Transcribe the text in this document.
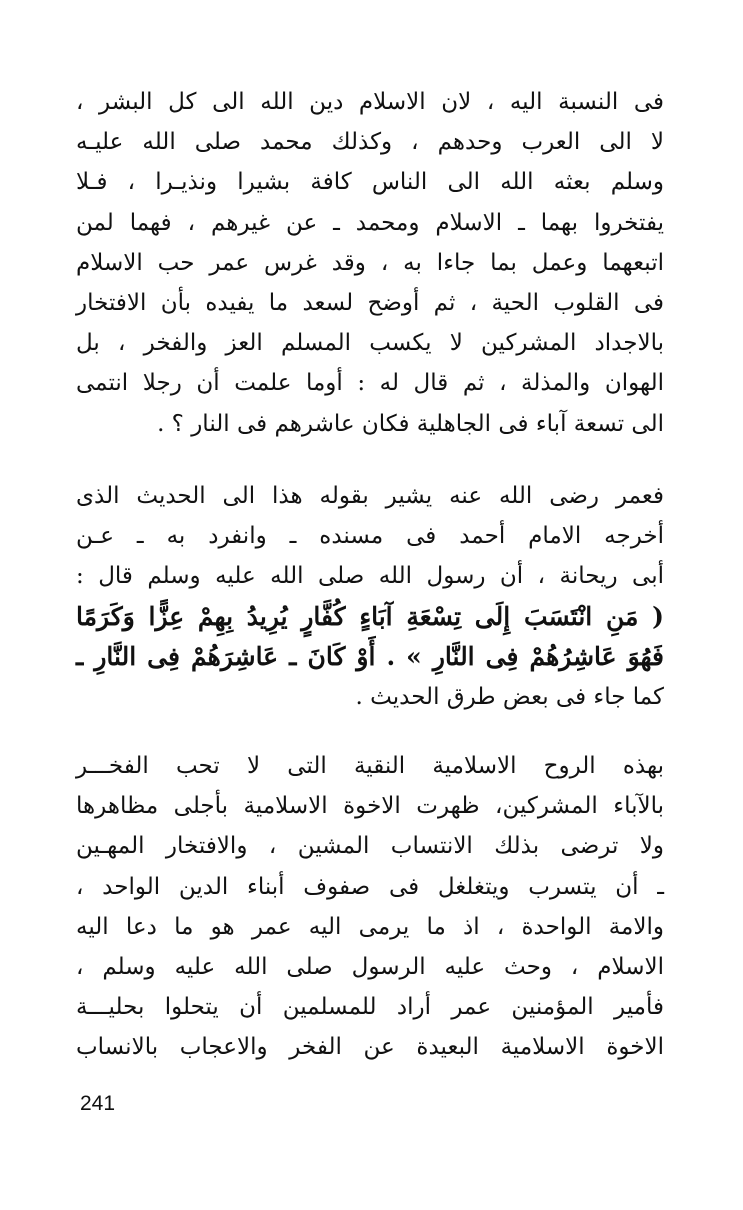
فى النسبة اليه ، لان الاسلام دين الله الى كل البشر ،
لا الى العرب وحدهم ، وكذلك محمد صلى الله عليـه
وسلم بعثه الله الى الناس كافة بشيرا ونذيـرا ، فـلا
يفتخروا بهما ـ الاسلام ومحمد ـ عن غيرهم ، فهما لمن
اتبعهما وعمل بما جاءا به ، وقد غرس عمر حب الاسلام
فى القلوب الحية ، ثم أوضح لسعد ما يفيده بأن الافتخار
بالاجداد المشركين لا يكسب المسلم العز والفخر ، بل
الهوان والمذلة ، ثم قال له : أوما علمت أن رجلا انتمى
الى تسعة آباء فى الجاهلية فكان عاشرهم فى النار ؟ .
فعمر رضى الله عنه يشير بقوله هذا الى الحديث الذى
أخرجه الامام أحمد فى مسنده ـ وانفرد به ـ عـن
أبى ريحانة ، أن رسول الله صلى الله عليه وسلم قال :
( مَنِ انْتَسَبَ إِلَى تِسْعَةِ آبَاءٍ كُفَّارٍ يُرِيدُ بِهِمْ عِزًّا وَكَرَمًا
فَهُوَ عَاشِرُهُمْ فِى النَّارِ » . أَوْ كَانَ ـ عَاشِرَهُمْ فِى النَّارِ ـ
كما جاء فى بعض طرق الحديث .
بهذه الروح الاسلامية النقية التى لا تحب الفخـــر
بالآباء المشركين، ظهرت الاخوة الاسلامية بأجلى مظاهرها
ولا ترضى بذلك الانتساب المشين ، والافتخار المهـين
ـ أن يتسرب ويتغلغل فى صفوف أبناء الدين الواحد ،
والامة الواحدة ، اذ ما يرمى اليه عمر هو ما دعا اليه
الاسلام ، وحث عليه الرسول صلى الله عليه وسلم ،
فأمير المؤمنين عمر أراد للمسلمين أن يتحلوا بحليـــة
الاخوة الاسلامية البعيدة عن الفخر والاعجاب بالانساب
241
